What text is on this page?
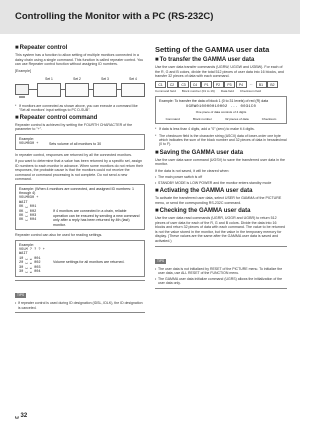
Controlling the Monitor with a PC (RS-232C)
■ Repeater control
This system has a function to allow setting of multiple monitors connected in a daisy chain using a single command. This function is called repeater control. You can use Repeater control function without assigning ID numbers.
[Example]
Set 1	Set 2	Set 3	Set 4
* If monitors are connected as shown above, you can execute a command like "Set all monitors' input settings to PC D-SUB".
■ Repeater control command
Repeater control is achieved by setting the FOURTH CHARACTER of the parameter to "+".
Example:
VOLM030 +	Sets volume of all monitors to 30
In repeater control, responses are returned by all the connected monitors.
If you want to determine that a value has been returned by a specific set, assign ID numbers to each monitor in advance. When some monitors do not return their responses, the probable cause is that the monitors could not receive the command or command processing is not complete. Do not send a new command.
Example: (When 4 monitors are connected, and assigned ID numbers: 1 through 4)
VOLM030 +
WAIT
OK ␣ 001
OK ␣ 002
OK ␣ 003
OK ␣ 004
If 4 monitors are connected in a chain, reliable operation can be ensured by sending a new command only after a reply has been returned by 4th (last) monitor.
Repeater control can also be used for reading settings.
Example:
VOLM ? ? ? +
WAIT
10 ␣ ␣ 001
20 ␣ ␣ 002
30 ␣ ␣ 003
30 ␣ ␣ 004
Volume settings for all monitors are returned.
TIPS
• If repeater control is used during ID designation (IDSL, IDLK), the ID designation is canceled.
Setting of the GAMMA user data
■ To transfer the GAMMA user data
Use the user data transfer commands (UGRW, UGGW and UGBW). For each of the R, G and B colors, divide the total 512 pieces of user data into 16 blocks, and transfer 32 pieces of data with each command.
C1	C2	C3	C4	P1	P2	P3	P4	...	B1	B2
Command field Block number (01 to 16) Data field Checksum field
Example: To transfer the data of block 1 (0 to 31 levels) of red (R) data
UGRW010000010002 ... 0031C0
One piece of data consists of 4 digits
Command	Block number	32 pieces of data	Checksum
* If data is less than 4 digits, add a "0" (zero) to make it 4 digits.
* The checksum field is the character string (ASCII) data of lower-order one byte which indicates the sum of the block number and 32 pieces of data in hexadecimal (0 to F).
■ Saving the GAMMA user data
Use the user data save command (UGSV) to save the transferred user data in the monitor.
If the data is not saved, it will be cleared when:
• The main power switch is off
• STANDBY MODE is LOW POWER and the monitor enters standby mode
■ Activating the GAMMA user data
To activate the transferred user data, select USER for GAMMA of the PICTURE menu, or send the corresponding RS-232C command.
■ Checking the GAMMA user data
Use the user data read commands (UGRR, UGGR and UGBR) to return 512 pieces of user data for each of the R, G and B colors. Divide the data into 16 blocks and return 32 pieces of data with each command. The value to be returned is not the value stored in the monitor, but the value in the temporary memory for display. (These values are the same after the GAMMA user data is saved and activated.)
TIPS
• The user data is not initialized by RESET of the PICTURE menu. To initialize the user data, use ALL RESET of the FUNCTION menu.
• The GAMMA user data initialize command (UGRS) allows the initialization of the user data only.
␣ 32
